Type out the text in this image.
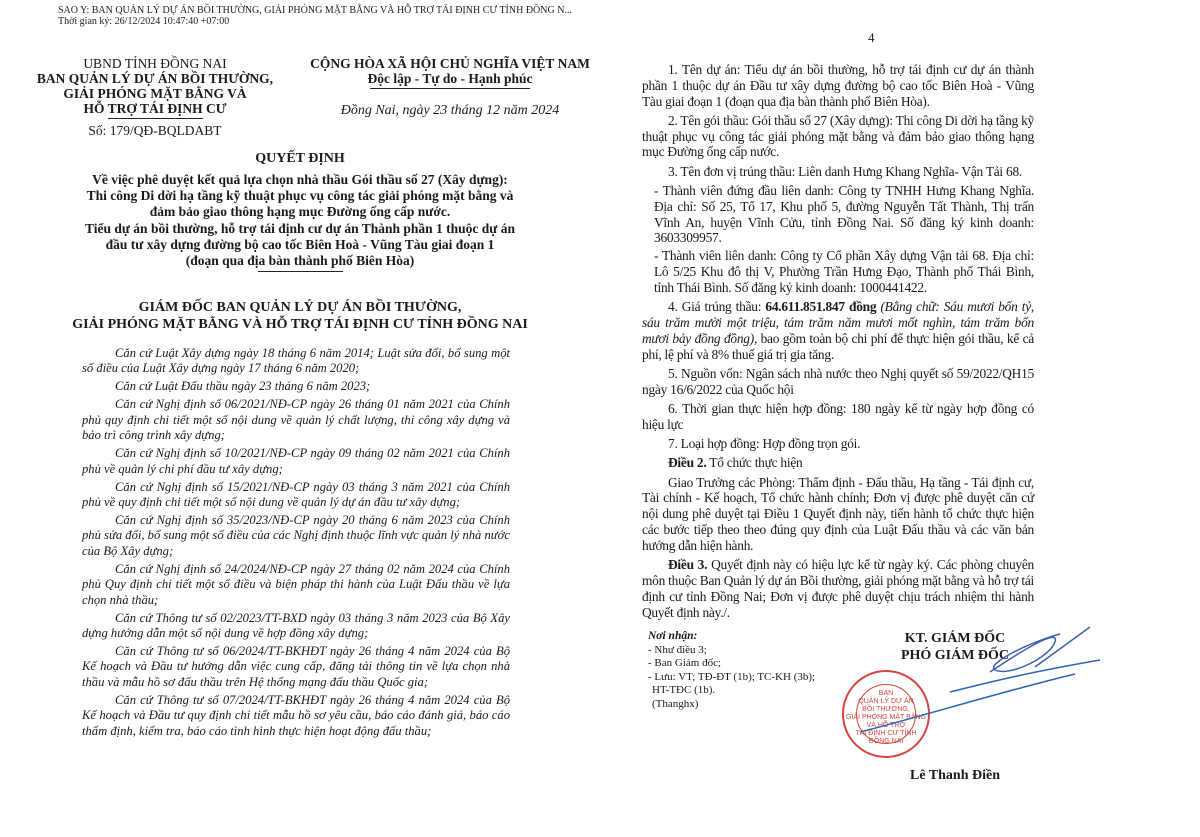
SAO Y: BAN QUẢN LÝ DỰ ÁN BỒI THƯỜNG, GIẢI PHÓNG MẶT BẰNG VÀ HỖ TRỢ TÁI ĐỊNH CƯ TỈNH ĐỒNG N...
Thời gian ký: 26/12/2024 10:47:40 +07:00
UBND TỈNH ĐỒNG NAI
BAN QUẢN LÝ DỰ ÁN BỒI THƯỜNG,
GIẢI PHÓNG MẶT BẰNG VÀ
HỖ TRỢ TÁI ĐỊNH CƯ
Số: 179/QĐ-BQLDABT
CỘNG HÒA XÃ HỘI CHỦ NGHĨA VIỆT NAM
Độc lập - Tự do - Hạnh phúc
Đồng Nai, ngày 23 tháng 12 năm 2024
QUYẾT ĐỊNH
Về việc phê duyệt kết quả lựa chọn nhà thầu Gói thầu số 27 (Xây dựng):
Thi công Di dời hạ tầng kỹ thuật phục vụ công tác giải phóng mặt bằng và
đảm bảo giao thông hạng mục Đường ống cấp nước.
Tiểu dự án bồi thường, hỗ trợ tái định cư dự án Thành phần 1 thuộc dự án
đầu tư xây dựng đường bộ cao tốc Biên Hoà - Vũng Tàu giai đoạn 1
(đoạn qua địa bàn thành phố Biên Hòa)
GIÁM ĐỐC BAN QUẢN LÝ DỰ ÁN BỒI THƯỜNG,
GIẢI PHÓNG MẶT BẰNG VÀ HỖ TRỢ TÁI ĐỊNH CƯ TỈNH ĐỒNG NAI

Căn cứ Luật Xây dựng ngày 18 tháng 6 năm 2014; Luật sửa đổi, bổ sung một số điều của Luật Xây dựng ngày 17 tháng 6 năm 2020;

Căn cứ Luật Đấu thầu ngày 23 tháng 6 năm 2023;

Căn cứ Nghị định số 06/2021/NĐ-CP ngày 26 tháng 01 năm 2021 của Chính phủ quy định chi tiết một số nội dung về quản lý chất lượng, thi công xây dựng và bảo trì công trình xây dựng;

Căn cứ Nghị định số 10/2021/NĐ-CP ngày 09 tháng 02 năm 2021 của Chính phủ về quản lý chi phí đầu tư xây dựng;

Căn cứ Nghị định số 15/2021/NĐ-CP ngày 03 tháng 3 năm 2021 của Chính phủ về quy định chi tiết một số nội dung về quản lý dự án đầu tư xây dựng;

Căn cứ Nghị định số 35/2023/NĐ-CP ngày 20 tháng 6 năm 2023 của Chính phủ sửa đổi, bổ sung một số điều của các Nghị định thuộc lĩnh vực quản lý nhà nước của Bộ Xây dựng;

Căn cứ Nghị định số 24/2024/NĐ-CP ngày 27 tháng 02 năm 2024 của Chính phủ Quy định chi tiết một số điều và biện pháp thi hành của Luật Đấu thầu về lựa chọn nhà thầu;

Căn cứ Thông tư số 02/2023/TT-BXD ngày 03 tháng 3 năm 2023 của Bộ Xây dựng hướng dẫn một số nội dung về hợp đồng xây dựng;

Căn cứ Thông tư số 06/2024/TT-BKHĐT ngày 26 tháng 4 năm 2024 của Bộ Kế hoạch và Đầu tư hướng dẫn việc cung cấp, đăng tải thông tin về lựa chọn nhà thầu và mẫu hồ sơ đấu thầu trên Hệ thống mạng đấu thầu Quốc gia;

Căn cứ Thông tư số 07/2024/TT-BKHĐT ngày 26 tháng 4 năm 2024 của Bộ Kế hoạch và Đầu tư quy định chi tiết mẫu hồ sơ yêu cầu, báo cáo đánh giá, báo cáo thẩm định, kiểm tra, báo cáo tình hình thực hiện hoạt động đấu thầu;

4

1. Tên dự án: Tiểu dự án bồi thường, hỗ trợ tái định cư dự án thành phần 1 thuộc dự án Đầu tư xây dựng đường bộ cao tốc Biên Hoà - Vũng Tàu giai đoạn 1 (đoạn qua địa bàn thành phố Biên Hòa).

2. Tên gói thầu: Gói thầu số 27 (Xây dựng): Thi công Di dời hạ tầng kỹ thuật phục vụ công tác giải phóng mặt bằng và đảm bảo giao thông hạng mục Đường ống cấp nước.

3. Tên đơn vị trúng thầu: Liên danh Hưng Khang Nghĩa- Vận Tải 68.

- Thành viên đứng đầu liên danh: Công ty TNHH Hưng Khang Nghĩa. Địa chỉ: Số 25, Tổ 17, Khu phố 5, đường Nguyễn Tất Thành, Thị trấn Vĩnh An, huyện Vĩnh Cửu, tỉnh Đồng Nai. Số đăng ký kinh doanh: 3603309957.

- Thành viên liên danh: Công ty Cổ phần Xây dựng Vận tải 68. Địa chỉ: Lô 5/25 Khu đô thị V, Phường Trần Hưng Đạo, Thành phố Thái Bình, tỉnh Thái Bình. Số đăng ký kinh doanh: 1000441422.

4. Giá trúng thầu: 64.611.851.847 đồng (Bằng chữ: Sáu mươi bốn tỷ, sáu trăm mười một triệu, tám trăm năm mươi mốt nghìn, tám trăm bốn mươi bảy đồng đồng), bao gồm toàn bộ chi phí để thực hiện gói thầu, kể cả phí, lệ phí và 8% thuế giá trị gia tăng.

5. Nguồn vốn: Ngân sách nhà nước theo Nghị quyết số 59/2022/QH15 ngày 16/6/2022 của Quốc hội

6. Thời gian thực hiện hợp đồng: 180 ngày kể từ ngày hợp đồng có hiệu lực

7. Loại hợp đồng: Hợp đồng trọn gói.

Điều 2. Tổ chức thực hiện

Giao Trưởng các Phòng: Thẩm định - Đấu thầu, Hạ tầng - Tái định cư, Tài chính - Kế hoạch, Tổ chức hành chính; Đơn vị được phê duyệt căn cứ nội dung phê duyệt tại Điều 1 Quyết định này, tiến hành tổ chức thực hiện các bước tiếp theo theo đúng quy định của Luật Đấu thầu và các văn bản hướng dẫn hiện hành.

Điều 3. Quyết định này có hiệu lực kể từ ngày ký. Các phòng chuyên môn thuộc Ban Quản lý dự án Bồi thường, giải phóng mặt bằng và hỗ trợ tái định cư tỉnh Đồng Nai; Đơn vị được phê duyệt chịu trách nhiệm thi hành Quyết định này./.

Nơi nhận:
- Như điều 3;
- Ban Giám đốc;
- Lưu: VT; TĐ-ĐT (1b); TC-KH (3b);
HT-TĐC (1b).
(Thanghx)
BAN
QUẢN LÝ DỰ ÁN
BỒI THƯỜNG,
GIẢI PHÓNG MẶT BẰNG
VÀ HỖ TRỢ
TÁI ĐỊNH CƯ TỈNH
ĐỒNG NAI
KT. GIÁM ĐỐC
PHÓ GIÁM ĐỐC
Lê Thanh Điền
